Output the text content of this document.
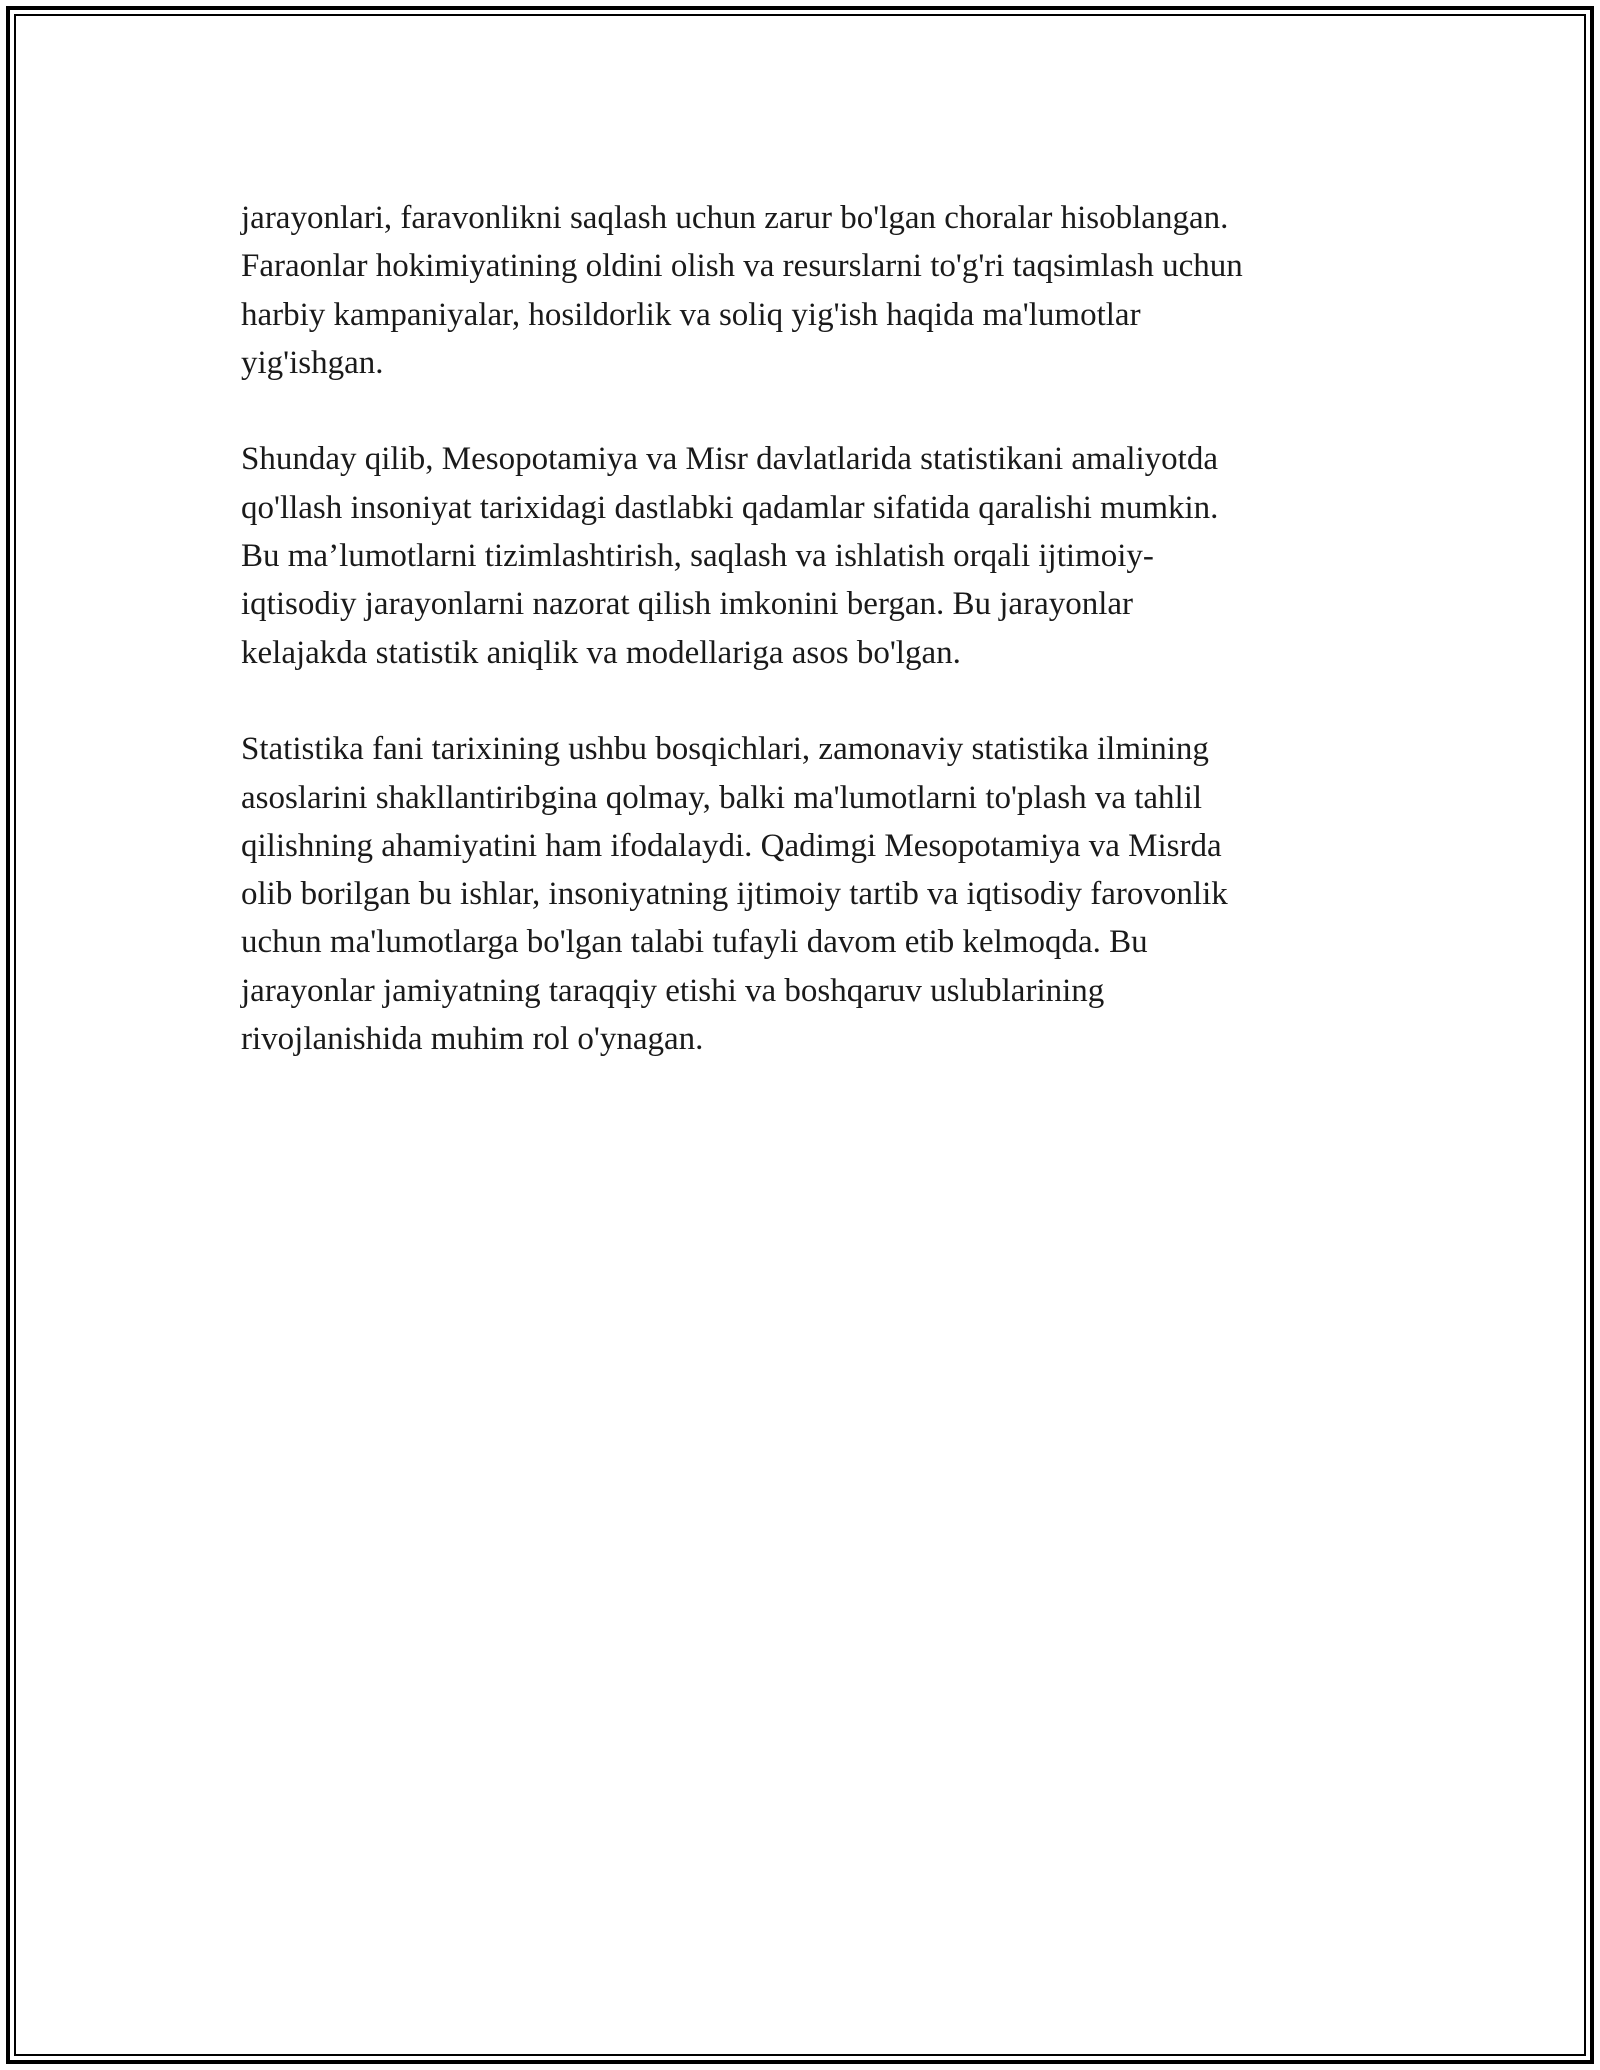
jarayonlari, faravonlikni saqlash uchun zarur bo'lgan choralar hisoblangan.
Faraonlar hokimiyatining oldini olish va resurslarni to'g'ri taqsimlash uchun
harbiy kampaniyalar, hosildorlik va soliq yig'ish haqida ma'lumotlar
yig'ishgan.

Shunday qilib, Mesopotamiya va Misr davlatlarida statistikani amaliyotda
qo'llash insoniyat tarixidagi dastlabki qadamlar sifatida qaralishi mumkin.
Bu ma’lumotlarni tizimlashtirish, saqlash va ishlatish orqali ijtimoiy-
iqtisodiy jarayonlarni nazorat qilish imkonini bergan. Bu jarayonlar
kelajakda statistik aniqlik va modellariga asos bo'lgan.

Statistika fani tarixining ushbu bosqichlari, zamonaviy statistika ilmining
asoslarini shakllantiribgina qolmay, balki ma'lumotlarni to'plash va tahlil
qilishning ahamiyatini ham ifodalaydi. Qadimgi Mesopotamiya va Misrda
olib borilgan bu ishlar, insoniyatning ijtimoiy tartib va iqtisodiy farovonlik
uchun ma'lumotlarga bo'lgan talabi tufayli davom etib kelmoqda. Bu
jarayonlar jamiyatning taraqqiy etishi va boshqaruv uslublarining
rivojlanishida muhim rol o'ynagan.
